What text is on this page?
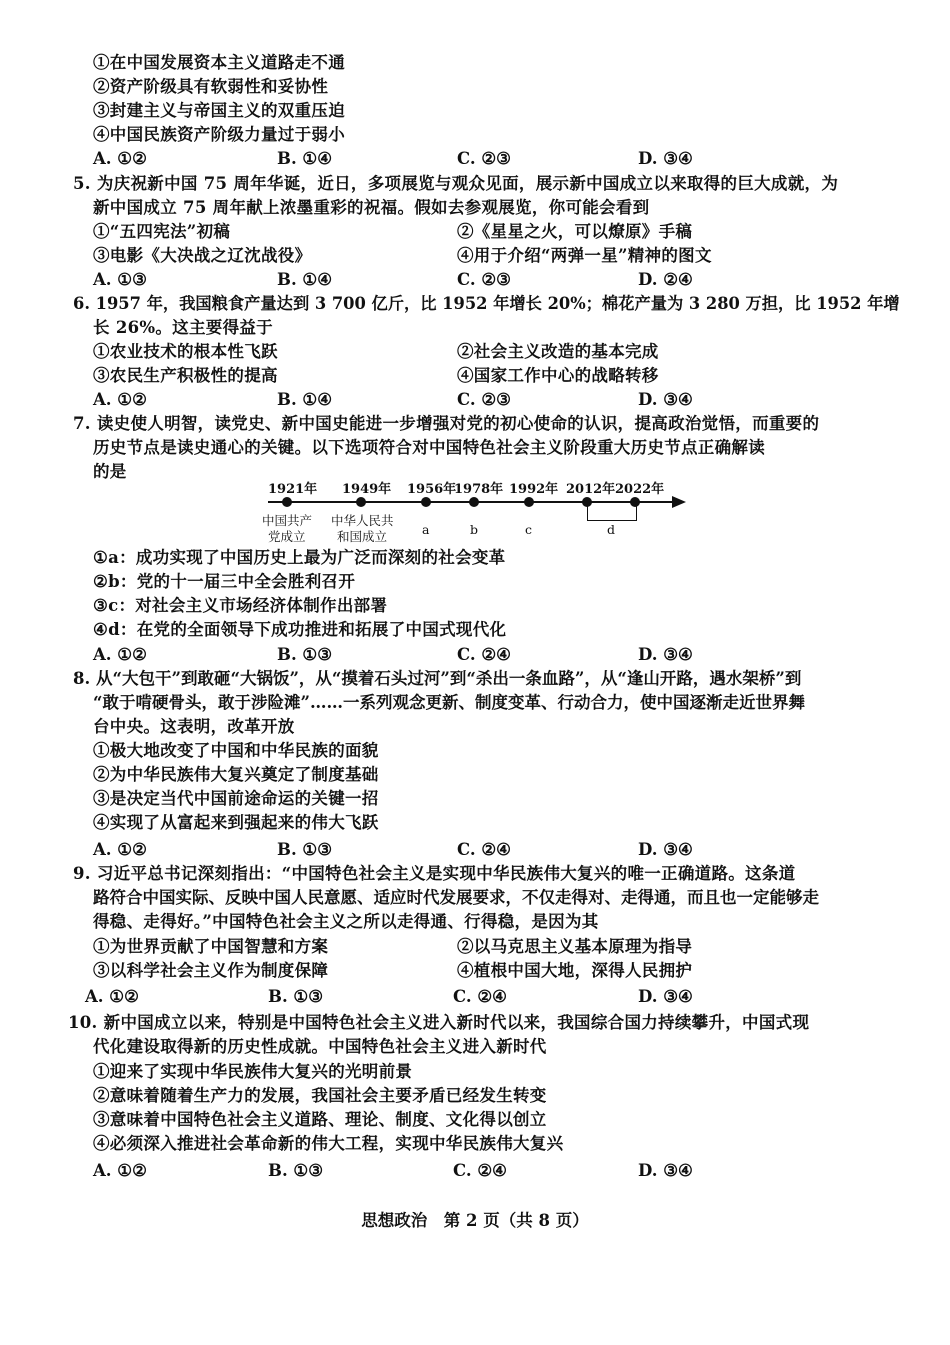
①在中国发展资本主义道路走不通
②资产阶级具有软弱性和妥协性
③封建主义与帝国主义的双重压迫
④中国民族资产阶级力量过于弱小
A. ①②	B. ①④	C. ②③	D. ③④
5. 为庆祝新中国 75 周年华诞，近日，多项展览与观众见面，展示新中国成立以来取得的巨大成就，为
新中国成立 75 周年献上浓墨重彩的祝福。假如去参观展览，你可能会看到
①“五四宪法”初稿	②《星星之火，可以燎原》手稿
③电影《大决战之辽沈战役》	④用于介绍“两弹一星”精神的图文
A. ①③	B. ①④	C. ②③	D. ②④
6. 1957 年，我国粮食产量达到 3 700 亿斤，比 1952 年增长 20%；棉花产量为 3 280 万担，比 1952 年增
长 26%。这主要得益于
①农业技术的根本性飞跃	②社会主义改造的基本完成
③农民生产积极性的提高	④国家工作中心的战略转移
A. ①②	B. ①④	C. ②③	D. ③④
7. 读史使人明智，读党史、新中国史能进一步增强对党的初心使命的认识，提高政治觉悟，而重要的
历史节点是读史通心的关键。以下选项符合对中国特色社会主义阶段重大历史节点正确解读
的是
1921年 1949年 1956年
1978年 1992年 2012年 2022年
中国共产
党成立
中华人民共
和国成立	a	b	c	d
①a：成功实现了中国历史上最为广泛而深刻的社会变革
②b：党的十一届三中全会胜利召开
③c：对社会主义市场经济体制作出部署
④d：在党的全面领导下成功推进和拓展了中国式现代化
A. ①②	B. ①③	C. ②④	D. ③④
8. 从“大包干”到敢砸“大锅饭”，从“摸着石头过河”到“杀出一条血路”，从“逢山开路，遇水架桥”到
“敢于啃硬骨头，敢于涉险滩”……一系列观念更新、制度变革、行动合力，使中国逐渐走近世界舞
台中央。这表明，改革开放
①极大地改变了中国和中华民族的面貌
②为中华民族伟大复兴奠定了制度基础
③是决定当代中国前途命运的关键一招
④实现了从富起来到强起来的伟大飞跃
A. ①②	B. ①③	C. ②④	D. ③④
9. 习近平总书记深刻指出：“中国特色社会主义是实现中华民族伟大复兴的唯一正确道路。这条道
路符合中国实际、反映中国人民意愿、适应时代发展要求，不仅走得对、走得通，而且也一定能够走
得稳、走得好。”中国特色社会主义之所以走得通、行得稳，是因为其
①为世界贡献了中国智慧和方案	②以马克思主义基本原理为指导
③以科学社会主义作为制度保障	④植根中国大地，深得人民拥护
A. ①②	B. ①③	C. ②④	D. ③④
10. 新中国成立以来，特别是中国特色社会主义进入新时代以来，我国综合国力持续攀升，中国式现
代化建设取得新的历史性成就。中国特色社会主义进入新时代
①迎来了实现中华民族伟大复兴的光明前景
②意味着随着生产力的发展，我国社会主要矛盾已经发生转变
③意味着中国特色社会主义道路、理论、制度、文化得以创立
④必须深入推进社会革命新的伟大工程，实现中华民族伟大复兴
A. ①②	B. ①③	C. ②④	D. ③④
思想政治　第 2 页（共 8 页）
